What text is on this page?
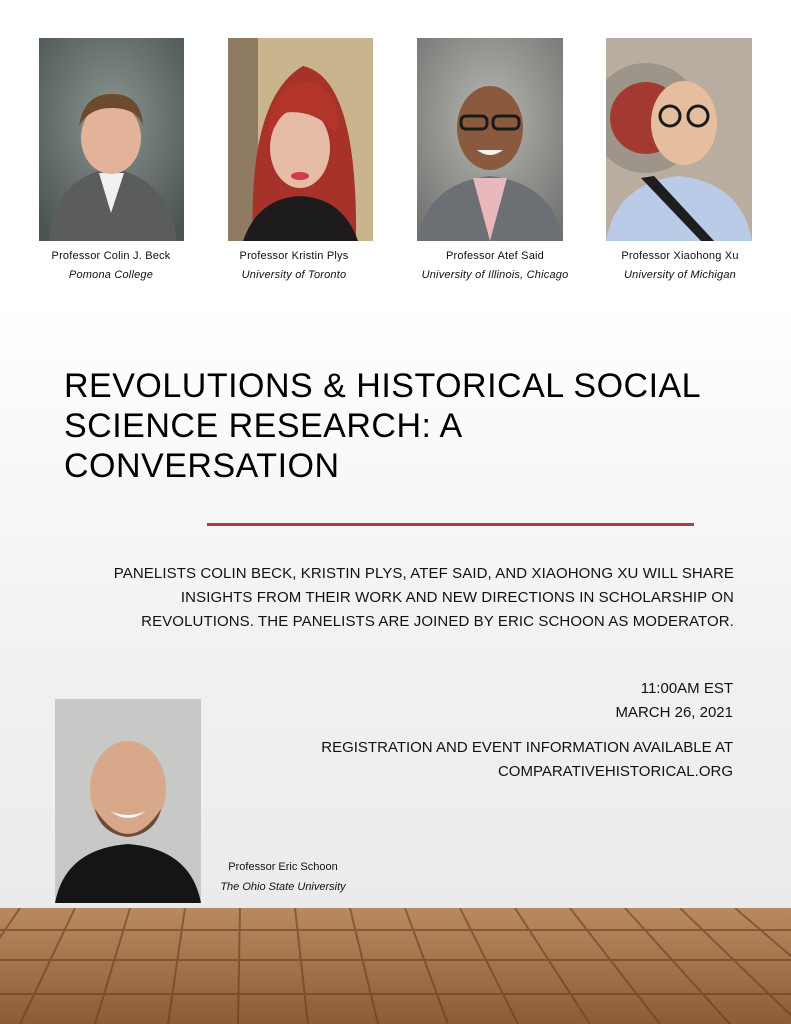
Professor Colin J. Beck
Pomona College
Professor Kristin Plys
University of Toronto
Professor Atef Said
University of Illinois, Chicago
Professor Xiaohong Xu
University of Michigan
REVOLUTIONS & HISTORICAL SOCIAL SCIENCE RESEARCH: A CONVERSATION

PANELISTS COLIN BECK, KRISTIN PLYS, ATEF SAID, AND XIAOHONG XU WILL SHARE INSIGHTS FROM THEIR WORK AND NEW DIRECTIONS IN SCHOLARSHIP ON REVOLUTIONS. THE PANELISTS ARE JOINED BY ERIC SCHOON AS MODERATOR.

11:00AM EST

MARCH 26, 2021

REGISTRATION AND EVENT INFORMATION AVAILABLE AT

COMPARATIVEHISTORICAL.ORG

Professor Eric Schoon
The Ohio State University
